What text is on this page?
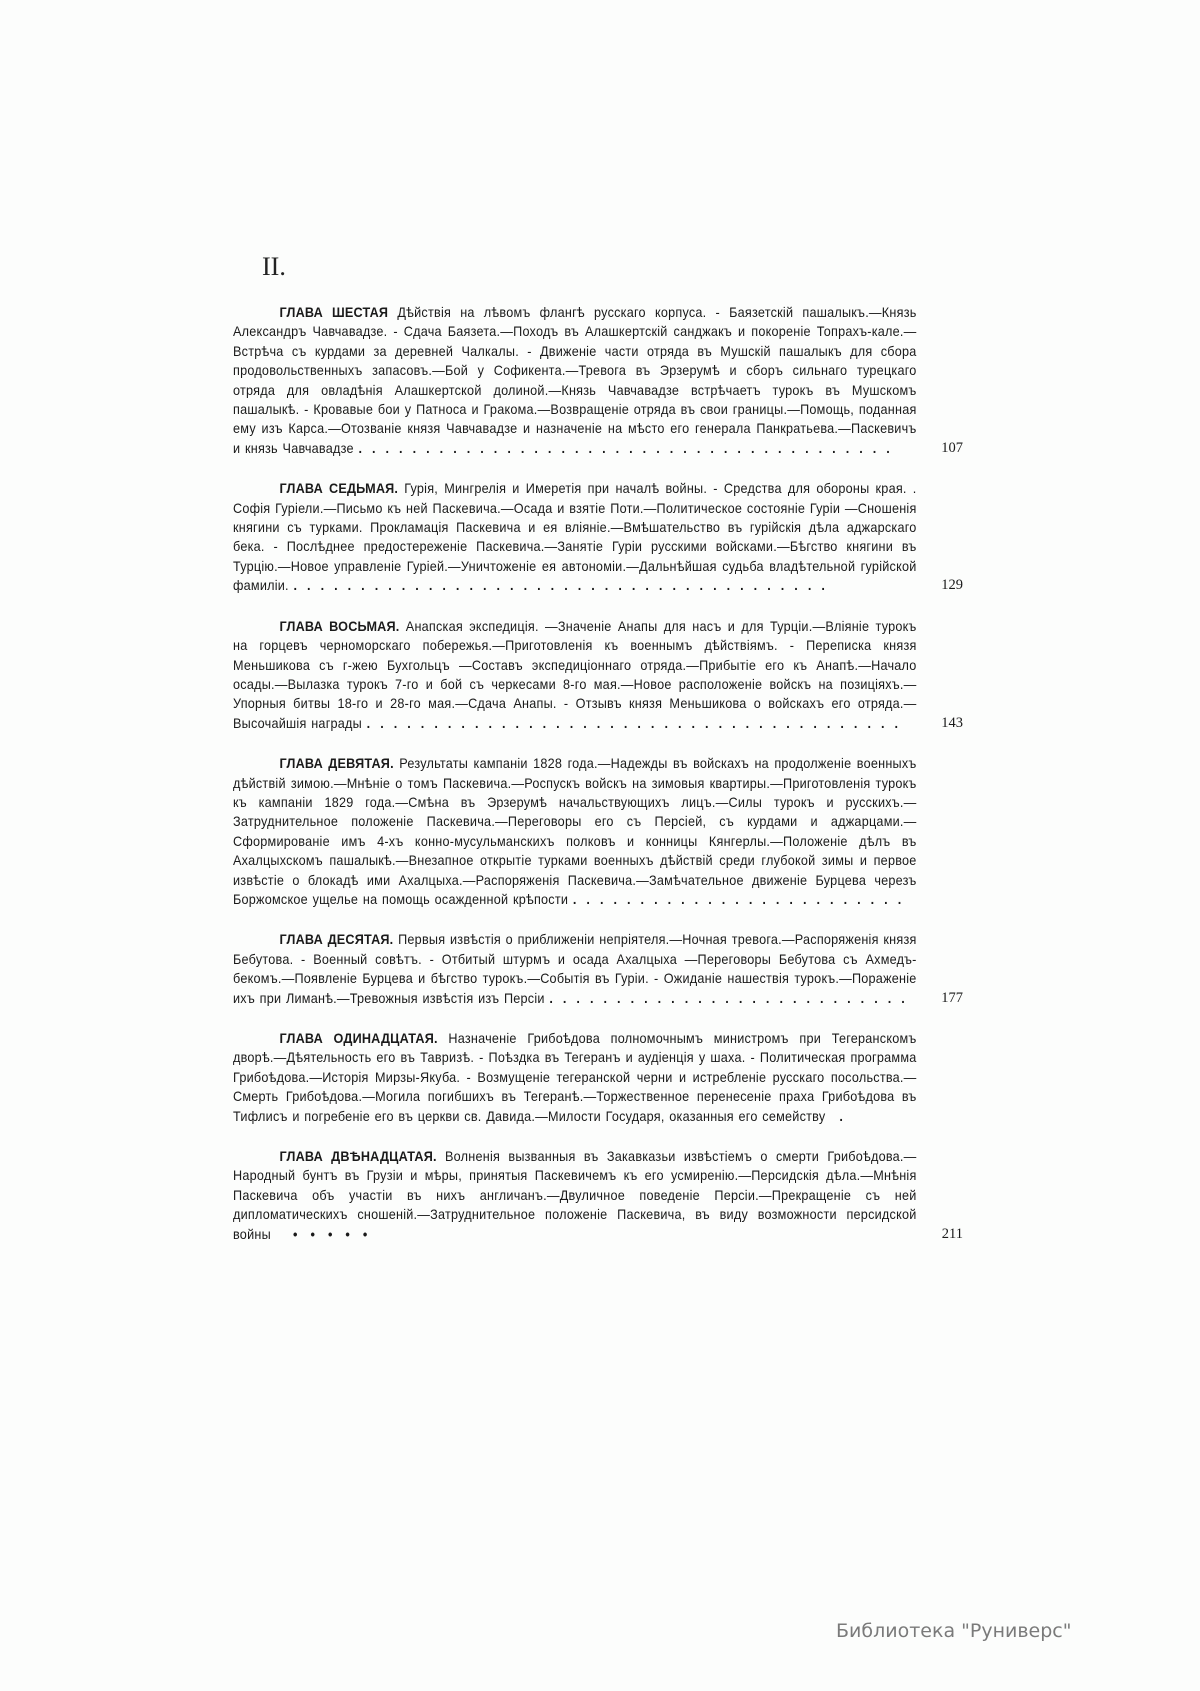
II.
ГЛАВА ШЕСТАЯ Дѣйствія на лѣвомъ флангѣ русскаго корпуса. - Баязетскій пашалыкъ.—Князь Александръ Чавчавадзе. - Сдача Баязета.—Походъ въ Алашкертскій санджакъ и покореніе Топрахъ-кале.—Встрѣча съ курдами за деревней Чалкалы. - Движеніе части отряда въ Мушскій пашалыкъ для сбора продовольственныхъ запасовъ.—Бой у Софикента.—Тревога въ Эрзерумѣ и сборъ сильнаго турецкаго отряда для овладѣнія Алашкертской долиной.—Князь Чавчавадзе встрѣчаетъ турокъ въ Мушскомъ пашалыкѣ. - Кровавые бои у Патноса и Гракома.—Возвращеніе отряда въ свои границы.—Помощь, поданная ему изъ Карса.—Отозваніе князя Чавчавадзе и назначеніе на мѣсто его генерала Панкратьева.—Паскевичъ и князь Чавчавадзе . . . . . . . . . . . . . . . . . . . . . . . . . . . . . . . . . . . . . . . .	107
ГЛАВА СЕДЬМАЯ. Гурія, Мингрелія и Имеретія при началѣ войны. - Средства для обороны края. . Софія Гуріели.—Письмо къ ней Паскевича.—Осада и взятіе Поти.—Политическое состояніе Гуріи —Сношенія княгини съ турками. Прокламація Паскевича и ея вліяніе.—Вмѣшательство въ гурійскія дѣла аджарскаго бека. - Послѣднее предостереженіе Паскевича.—Занятіе Гуріи русскими войсками.—Бѣгство княгини въ Турцію.—Новое управленіе Гуріей.—Уничтоженіе ея автономіи.—Дальнѣйшая судьба владѣтельной гурійской фамиліи. . . . . . . . . . . . . . . . . . . . . . . . . . . . . . . . . . . . . . . . .	129
ГЛАВА ВОСЬМАЯ. Анапская экспедиція. —Значеніе Анапы для насъ и для Турціи.—Вліяніе турокъ на горцевъ черноморскаго побережья.—Приготовленія къ военнымъ дѣйствіямъ. - Переписка князя Меньшикова съ г-жею Бухгольцъ —Составъ экспедиціоннаго отряда.—Прибытіе его къ Анапѣ.—Начало осады.—Вылазка турокъ 7-го и бой съ черкесами 8-го мая.—Новое расположеніе войскъ на позиціяхъ.—Упорныя битвы 18-го и 28-го мая.—Сдача Анапы. - Отзывъ князя Меньшикова о войскахъ его отряда.—Высочайшія награды . . . . . . . . . . . . . . . . . . . . . . . . . . . . . . . . . . . . . . . .	143
ГЛАВА ДЕВЯТАЯ. Результаты кампаніи 1828 года.—Надежды въ войскахъ на продолженіе военныхъ дѣйствій зимою.—Мнѣніе о томъ Паскевича.—Роспускъ войскъ на зимовыя квартиры.—Приготовленія турокъ къ кампаніи 1829 года.—Смѣна въ Эрзерумѣ начальствующихъ лицъ.—Силы турокъ и русскихъ.—Затруднительное положеніе Паскевича.—Переговоры его съ Персіей, съ курдами и аджарцами.—Сформированіе имъ 4-хъ конно-мусульманскихъ полковъ и конницы Кянгерлы.—Положеніе дѣлъ въ Ахалцыхскомъ пашалыкѣ.—Внезапное открытіе турками военныхъ дѣйствій среди глубокой зимы и первое извѣстіе о блокадѣ ими Ахалцыха.—Распоряженія Паскевича.—Замѣчательное движеніе Бурцева черезъ Боржомское ущелье на помощь осажденной крѣпости . . . . . . . . . . . . . . . . . . . . . . . . .
ГЛАВА ДЕСЯТАЯ. Первыя извѣстія о приближеніи непріятеля.—Ночная тревога.—Распоряженія князя Бебутова. - Военный совѣтъ. - Отбитый штурмъ и осада Ахалцыха —Переговоры Бебутова съ Ахмедъ-бекомъ.—Появленіе Бурцева и бѣгство турокъ.—Событія въ Гуріи. - Ожиданіе нашествія турокъ.—Пораженіе ихъ при Лиманѣ.—Тревожныя извѣстія изъ Персіи . . . . . . . . . . . . . . . . . . . . . . . . . . .	177
ГЛАВА ОДИНАДЦАТАЯ. Назначеніе Грибоѣдова полномочнымъ министромъ при Тегеранскомъ дворѣ.—Дѣятельность его въ Тавризѣ. - Поѣздка въ Тегеранъ и аудіенція у шаха. - Политическая программа Грибоѣдова.—Исторія Мирзы-Якуба. - Возмущеніе тегеранской черни и истребленіе русскаго посольства.—Смерть Грибоѣдова.—Могила погибшихъ въ Тегеранѣ.—Торжественное перенесеніе праха Грибоѣдова въ Тифлисъ и погребеніе его въ церкви св. Давида.—Милости Государя, оказанныя его семейству   .
ГЛАВА ДВѢНАДЦАТАЯ. Волненія вызванныя въ Закавказьи извѣстіемъ о смерти Грибоѣдова.—Народный бунтъ въ Грузіи и мѣры, принятыя Паскевичемъ къ его усмиренію.—Персидскія дѣла.—Мнѣнія Паскевича объ участіи въ нихъ англичанъ.—Двуличное поведеніе Персіи.—Прекращеніе съ ней дипломатическихъ сношеній.—Затруднительное положеніе Паскевича, въ виду возможности персидской войны  •••••	211
Библиотека "Руниверс"
